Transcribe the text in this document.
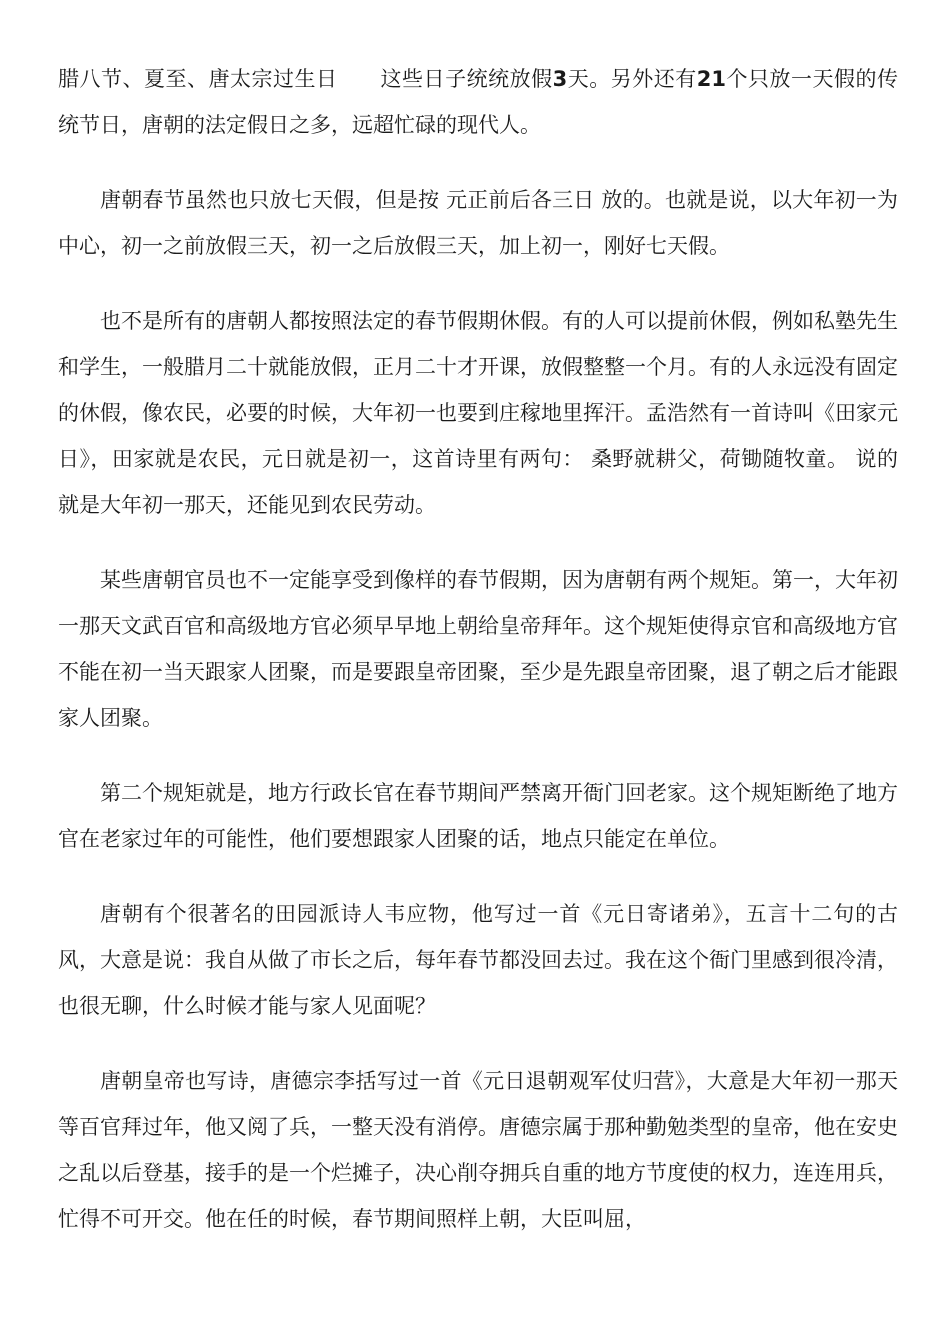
腊八节、夏至、唐太宗过生日　　这些日子统统放假3天。另外还有21个只放一天假的传统节日，唐朝的法定假日之多，远超忙碌的现代人。

唐朝春节虽然也只放七天假，但是按 元正前后各三日 放的。也就是说，以大年初一为中心，初一之前放假三天，初一之后放假三天，加上初一，刚好七天假。

也不是所有的唐朝人都按照法定的春节假期休假。有的人可以提前休假，例如私塾先生和学生，一般腊月二十就能放假，正月二十才开课，放假整整一个月。有的人永远没有固定的休假，像农民，必要的时候，大年初一也要到庄稼地里挥汗。孟浩然有一首诗叫《田家元日》，田家就是农民，元日就是初一，这首诗里有两句： 桑野就耕父，荷锄随牧童。 说的就是大年初一那天，还能见到农民劳动。

某些唐朝官员也不一定能享受到像样的春节假期，因为唐朝有两个规矩。第一，大年初一那天文武百官和高级地方官必须早早地上朝给皇帝拜年。这个规矩使得京官和高级地方官不能在初一当天跟家人团聚，而是要跟皇帝团聚，至少是先跟皇帝团聚，退了朝之后才能跟家人团聚。

第二个规矩就是，地方行政长官在春节期间严禁离开衙门回老家。这个规矩断绝了地方官在老家过年的可能性，他们要想跟家人团聚的话，地点只能定在单位。

唐朝有个很著名的田园派诗人韦应物，他写过一首《元日寄诸弟》，五言十二句的古风，大意是说：我自从做了市长之后，每年春节都没回去过。我在这个衙门里感到很冷清，也很无聊，什么时候才能与家人见面呢？

唐朝皇帝也写诗，唐德宗李括写过一首《元日退朝观军仗归营》，大意是大年初一那天等百官拜过年，他又阅了兵，一整天没有消停。唐德宗属于那种勤勉类型的皇帝，他在安史之乱以后登基，接手的是一个烂摊子，决心削夺拥兵自重的地方节度使的权力，连连用兵，忙得不可开交。他在任的时候，春节期间照样上朝，大臣叫屈，
